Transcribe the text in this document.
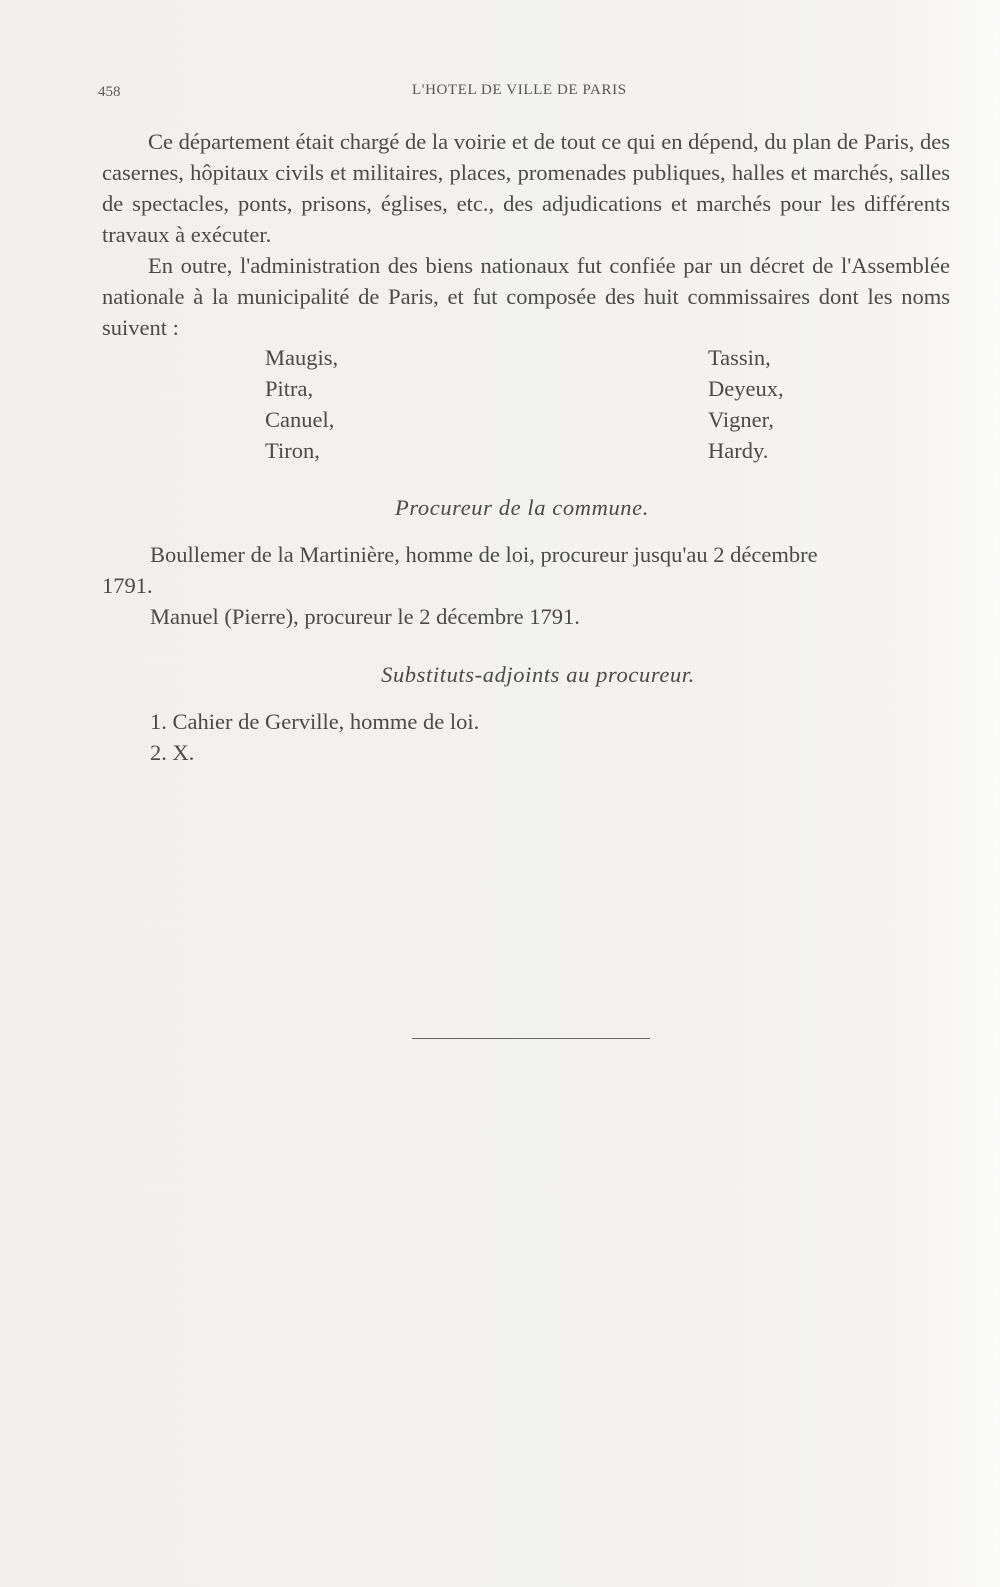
458	L'HOTEL DE VILLE DE PARIS

Ce département était chargé de la voirie et de tout ce qui en dépend, du plan de Paris, des casernes, hôpitaux civils et militaires, places, promenades publiques, halles et marchés, salles de spectacles, ponts, prisons, églises, etc., des adjudications et marchés pour les différents travaux à exécuter.

En outre, l'administration des biens nationaux fut confiée par un décret de l'Assemblée nationale à la municipalité de Paris, et fut composée des huit commissaires dont les noms suivent :

Maugis,
Pitra,
Canuel,
Tiron,
Tassin,
Deyeux,
Vigner,
Hardy.
Procureur de la commune.
Boullemer de la Martinière, homme de loi, procureur jusqu'au 2 décembre
1791.
Manuel (Pierre), procureur le 2 décembre 1791.
Substituts-adjoints au procureur.
1. Cahier de Gerville, homme de loi.
2. X.
